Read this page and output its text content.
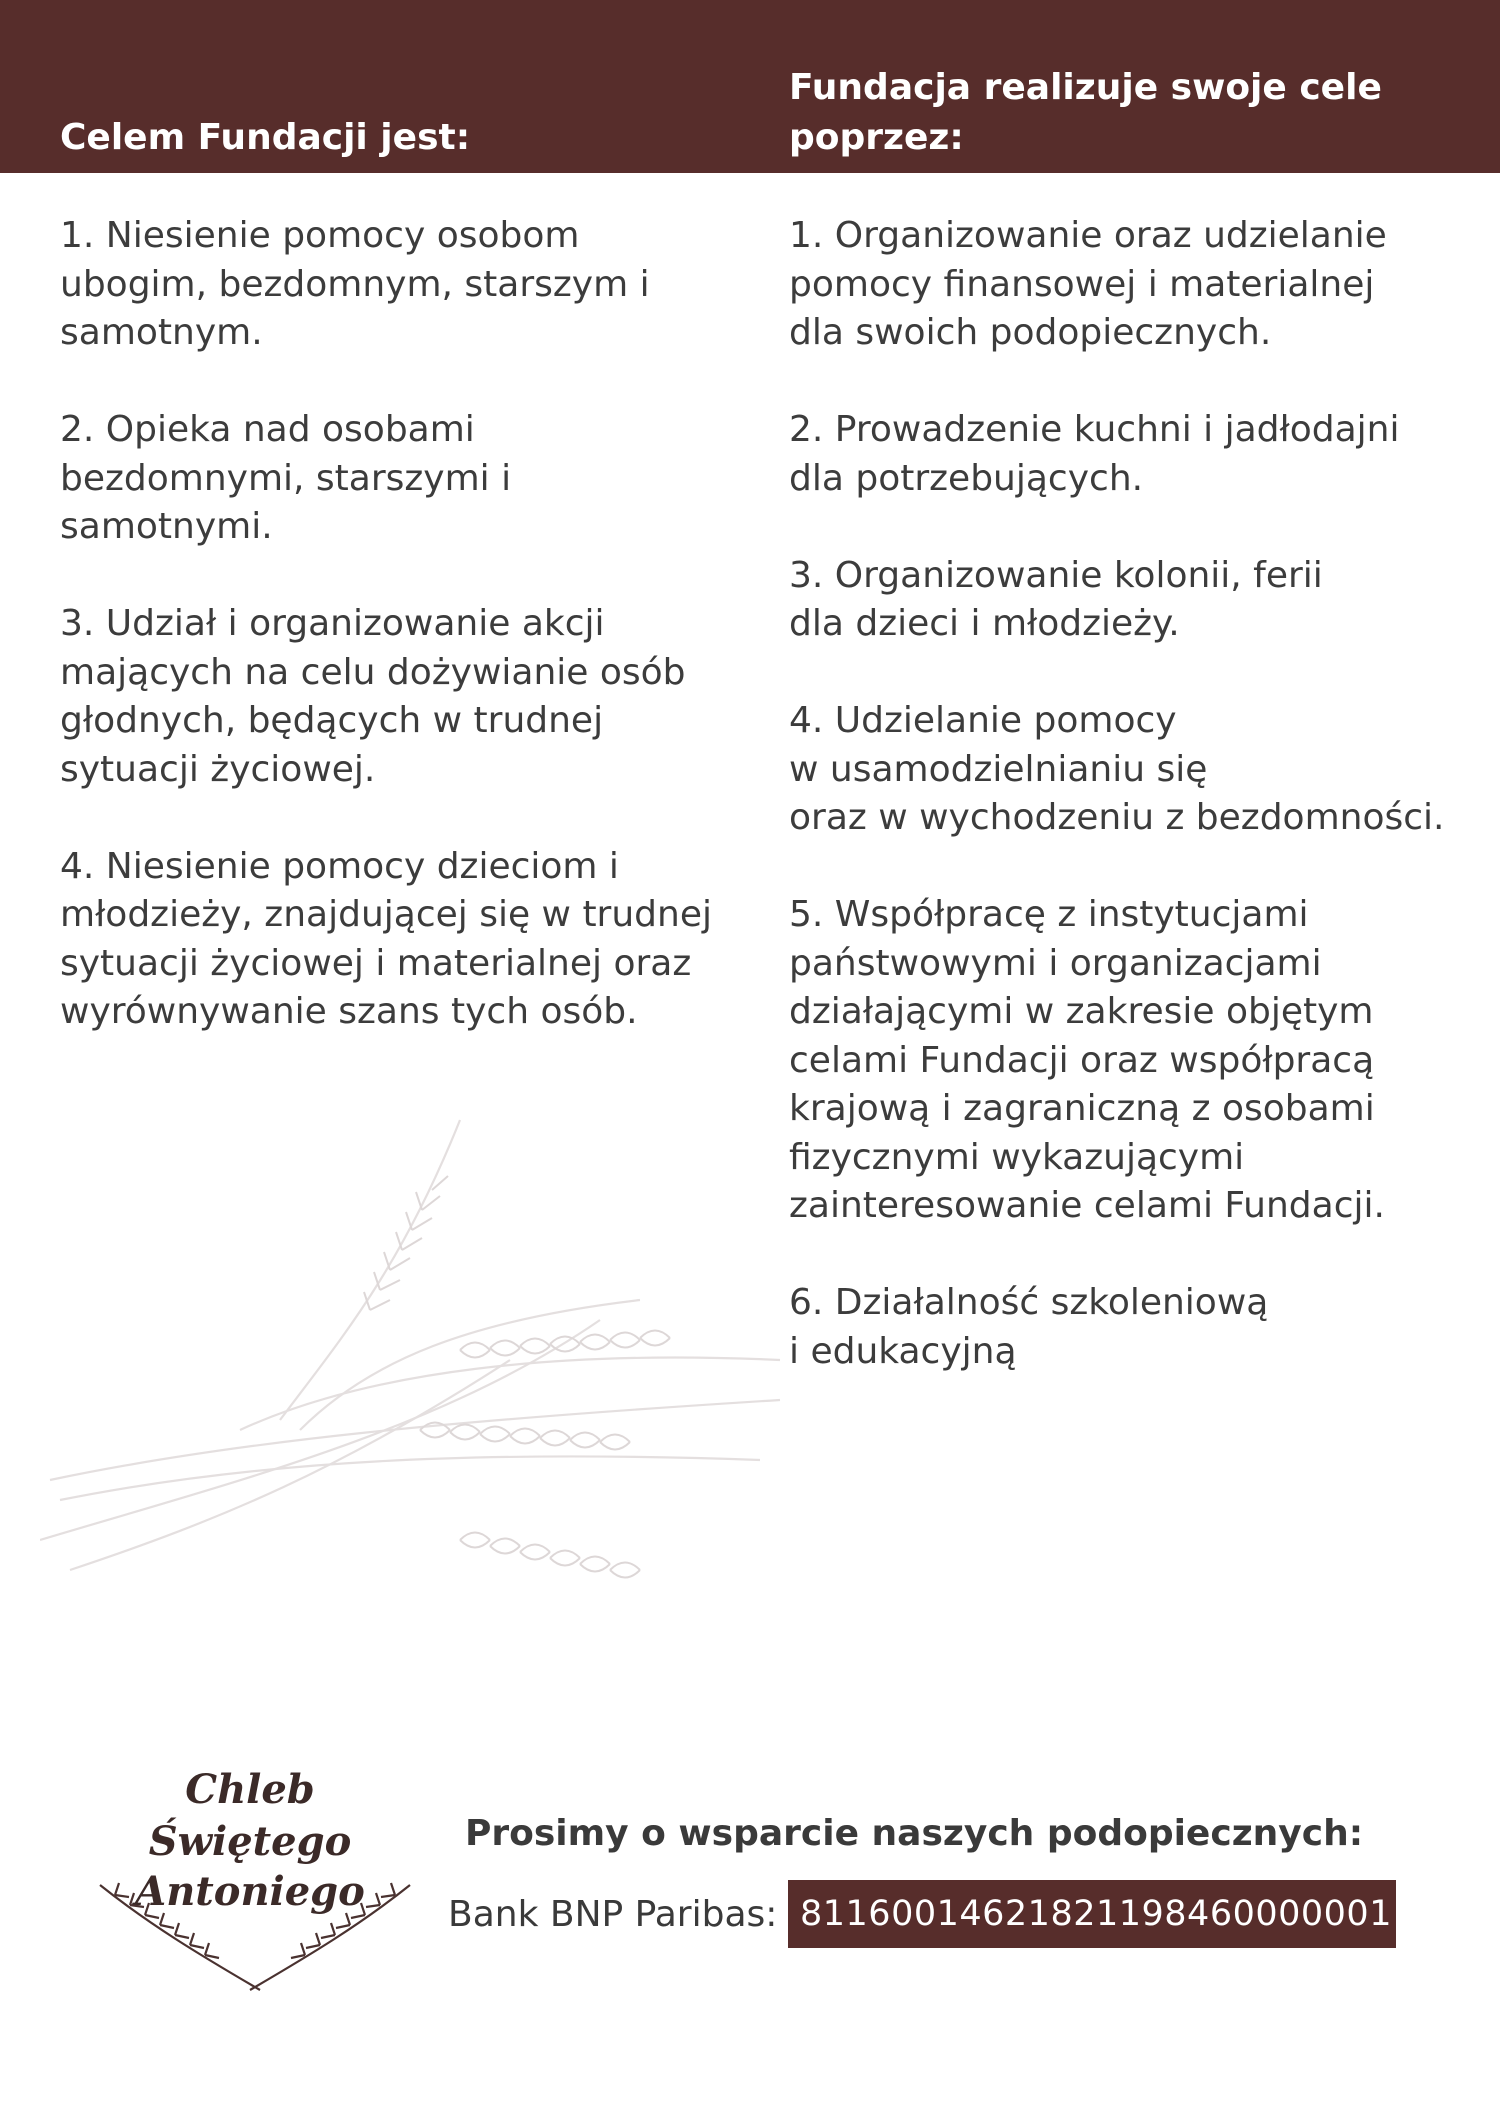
Celem Fundacji jest:
Fundacja realizuje swoje cele poprzez:
1. Niesienie pomocy osobom
ubogim, bezdomnym, starszym i
samotnym.
2. Opieka nad osobami
bezdomnymi, starszymi i
samotnymi.
3. Udział i organizowanie akcji
mających na celu dożywianie osób
głodnych, będących w trudnej
sytuacji życiowej.
4. Niesienie pomocy dzieciom i
młodzieży, znajdującej się w trudnej
sytuacji życiowej i materialnej oraz
wyrównywanie szans tych osób.
1. Organizowanie oraz udzielanie
pomocy finansowej i materialnej
dla swoich podopiecznych.
2. Prowadzenie kuchni i jadłodajni
dla potrzebujących.
3. Organizowanie kolonii, ferii
dla dzieci i młodzieży.
4. Udzielanie pomocy
w usamodzielnianiu się
oraz w wychodzeniu z bezdomności.
5. Współpracę z instytucjami
państwowymi i organizacjami
działającymi w zakresie objętym
celami Fundacji oraz współpracą
krajową i zagraniczną z osobami
fizycznymi wykazującymi
zainteresowanie celami Fundacji.
6. Działalność szkoleniową
i edukacyjną
Chleb
Świętego
Antoniego
Prosimy o wsparcie naszych podopiecznych:
Bank BNP Paribas: 81160014621821198460000001
